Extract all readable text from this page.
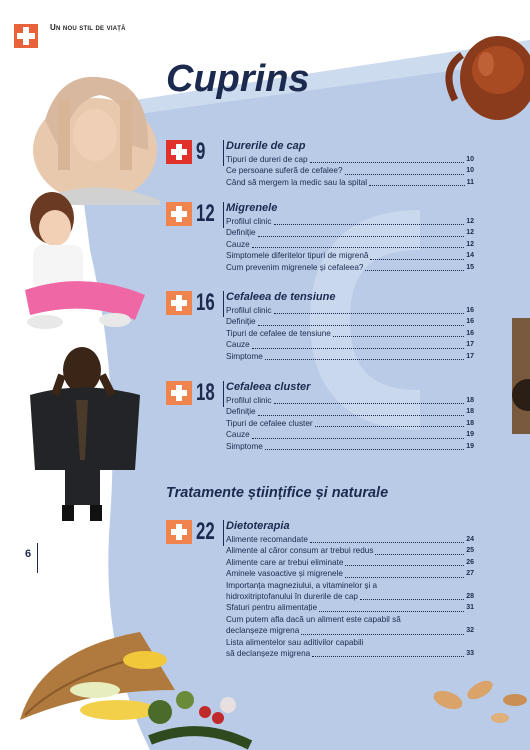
Un nou stil de viață
Cuprins
9 Durerile de cap
Tipuri de dureri de cap	10
Ce persoane suferă de cefalee?	10
Când să mergem la medic sau la spital	11
12 Migrenele
Profilul clinic	12
Definiție	12
Cauze	12
Simptomele diferitelor tipuri de migrenă	14
Cum prevenim migrenele și cefaleea?	15
16 Cefaleea de tensiune
Profilul clinic	16
Definiție	16
Tipuri de cefalee de tensiune	16
Cauze	17
Simptome	17
18 Cefaleea cluster
Profilul clinic	18
Definiție	18
Tipuri de cefalee cluster	18
Cauze	19
Simptome	19
22 Dietoterapia
Alimente recomandate	24
Alimente al căror consum ar trebui redus	25
Alimente care ar trebui eliminate	26
Aminele vasoactive și migrenele	27
Importanța magneziului, a vitaminelor și a
hidroxitriptofanului în durerile de cap	28
Sfaturi pentru alimentație	31
Cum putem afla dacă un aliment este capabil să
declanșeze migrena	32
Lista alimentelor sau aditivilor capabili
să declanșeze migrena	33
Tratamente științifice și naturale
6
